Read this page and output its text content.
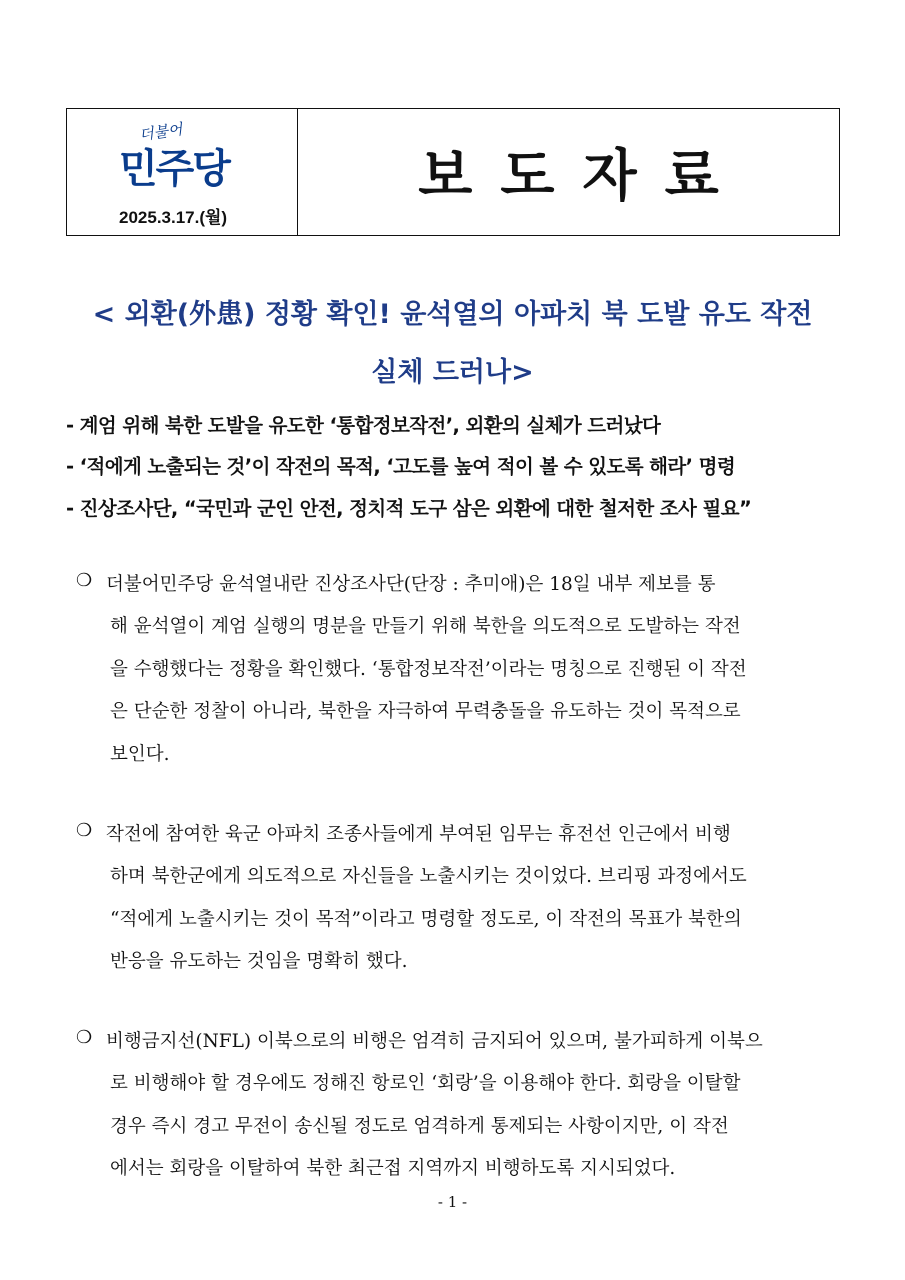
더불어
민주당
2025.3.17.(월)
보도자료
< 외환(外患) 정황 확인! 윤석열의 아파치 북 도발 유도 작전
실체 드러나>
- 계엄 위해 북한 도발을 유도한 ‘통합정보작전’, 외환의 실체가 드러났다
- ‘적에게 노출되는 것’이 작전의 목적, ‘고도를 높여 적이 볼 수 있도록 해라’ 명령
- 진상조사단, “국민과 군인 안전, 정치적 도구 삼은 외환에 대한 철저한 조사 필요”
❍ 더불어민주당 윤석열내란 진상조사단(단장 : 추미애)은 18일 내부 제보를 통
해 윤석열이 계엄 실행의 명분을 만들기 위해 북한을 의도적으로 도발하는 작전
을 수행했다는 정황을 확인했다. ‘통합정보작전’이라는 명칭으로 진행된 이 작전
은 단순한 정찰이 아니라, 북한을 자극하여 무력충돌을 유도하는 것이 목적으로
보인다.
❍ 작전에 참여한 육군 아파치 조종사들에게 부여된 임무는 휴전선 인근에서 비행
하며 북한군에게 의도적으로 자신들을 노출시키는 것이었다. 브리핑 과정에서도
“적에게 노출시키는 것이 목적”이라고 명령할 정도로, 이 작전의 목표가 북한의
반응을 유도하는 것임을 명확히 했다.
❍ 비행금지선(NFL) 이북으로의 비행은 엄격히 금지되어 있으며, 불가피하게 이북으
로 비행해야 할 경우에도 정해진 항로인 ‘회랑’을 이용해야 한다. 회랑을 이탈할
경우 즉시 경고 무전이 송신될 정도로 엄격하게 통제되는 사항이지만, 이 작전
에서는 회랑을 이탈하여 북한 최근접 지역까지 비행하도록 지시되었다.
- 1 -
